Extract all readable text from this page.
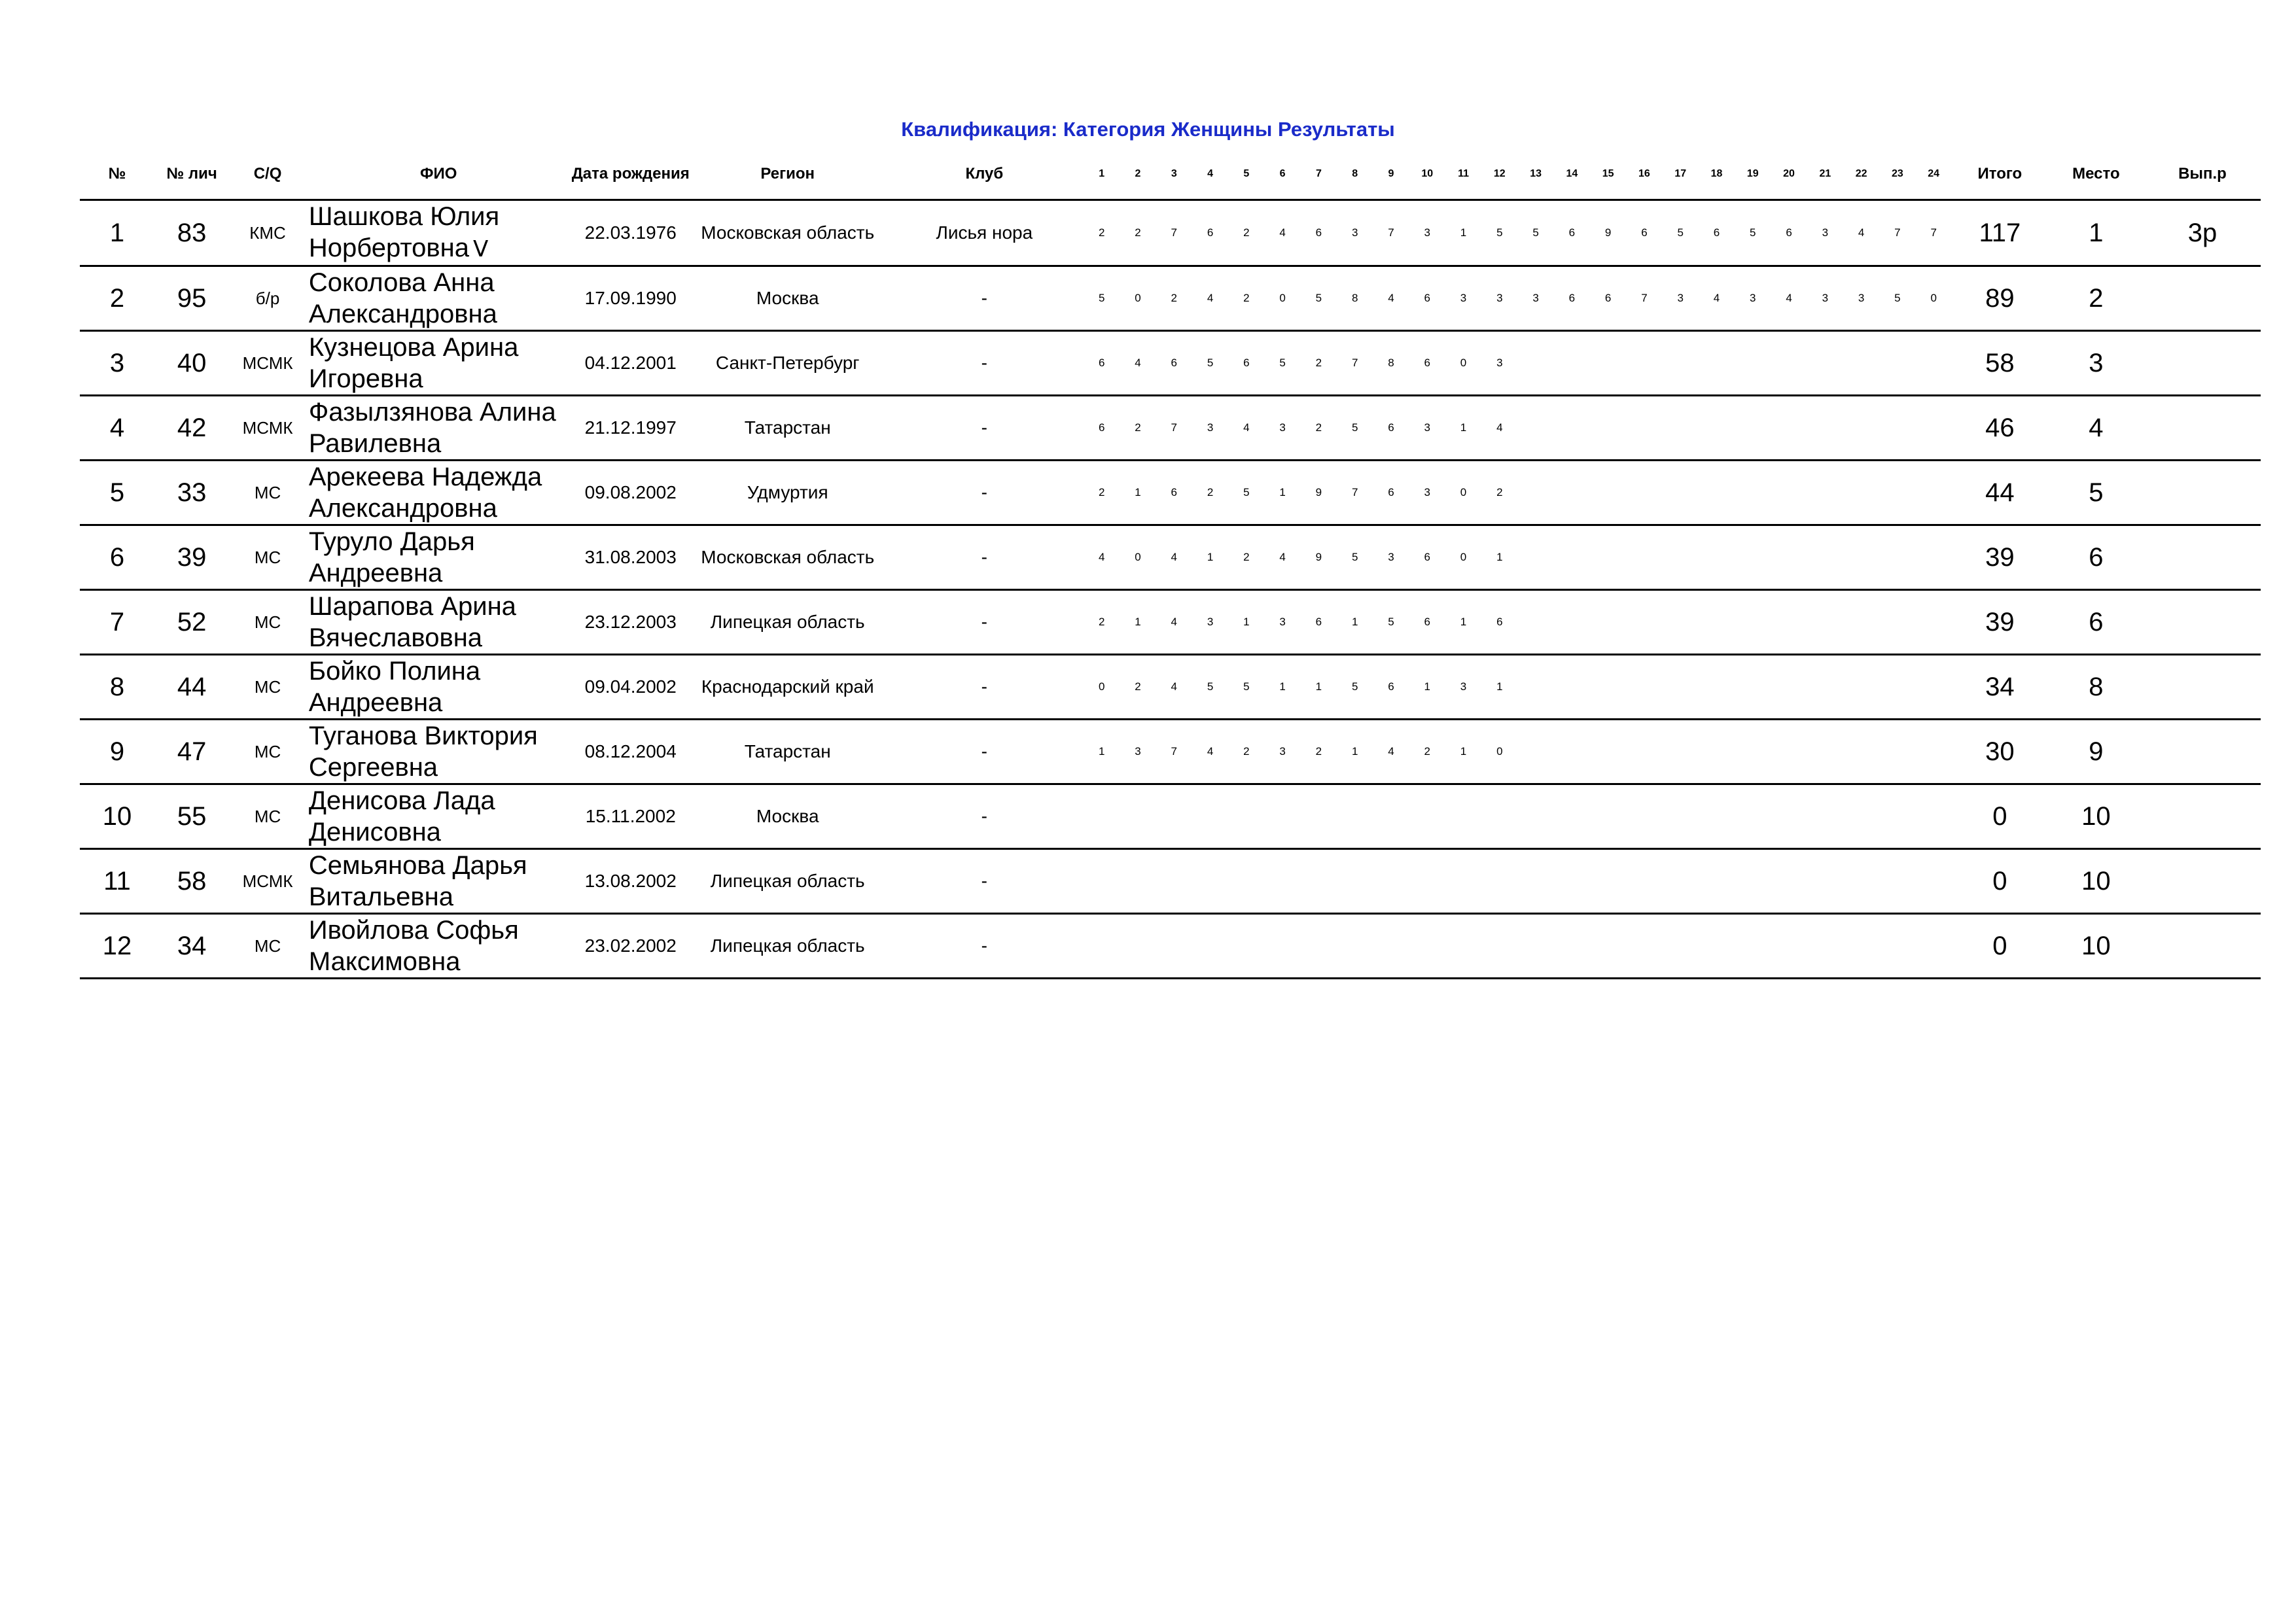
Квалификация: Категория Женщины Результаты
№	№ лич	C/Q	ФИО	Дата рождения	Регион	Клуб	1	2	3	4	5	6	7	8	9	10	11	12	13	14	15	16	17	18	19	20	21	22	23	24	Итого	Место	Вып.р
1	83	КМС	Шашкова Юлия Норбертовна ᐯ	22.03.1976	Московская область	Лисья нора	2	2	7	6	2	4	6	3	7	3	1	5	5	6	9	6	5	6	5	6	3	4	7	7	117	1	3р
2	95	б/р	Соколова Анна Александровна	17.09.1990	Москва	-	5	0	2	4	2	0	5	8	4	6	3	3	3	6	6	7	3	4	3	4	3	3	5	0	89	2	
3	40	МСМК	Кузнецова Арина Игоревна	04.12.2001	Санкт-Петербург	-	6	4	6	5	6	5	2	7	8	6	0	3													58	3	
4	42	МСМК	Фазылзянова Алина Равилевна	21.12.1997	Татарстан	-	6	2	7	3	4	3	2	5	6	3	1	4													46	4	
5	33	МС	Арекеева Надежда Александровна	09.08.2002	Удмуртия	-	2	1	6	2	5	1	9	7	6	3	0	2													44	5	
6	39	МС	Туруло Дарья Андреевна	31.08.2003	Московская область	-	4	0	4	1	2	4	9	5	3	6	0	1													39	6	
7	52	МС	Шарапова Арина Вячеславовна	23.12.2003	Липецкая область	-	2	1	4	3	1	3	6	1	5	6	1	6													39	6	
8	44	МС	Бойко Полина Андреевна	09.04.2002	Краснодарский край	-	0	2	4	5	5	1	1	5	6	1	3	1													34	8	
9	47	МС	Туганова Виктория Сергеевна	08.12.2004	Татарстан	-	1	3	7	4	2	3	2	1	4	2	1	0													30	9	
10	55	МС	Денисова Лада Денисовна	15.11.2002	Москва	-																									0	10	
11	58	МСМК	Семьянова Дарья Витальевна	13.08.2002	Липецкая область	-																									0	10	
12	34	МС	Ивойлова Софья Максимовна	23.02.2002	Липецкая область	-																									0	10	
